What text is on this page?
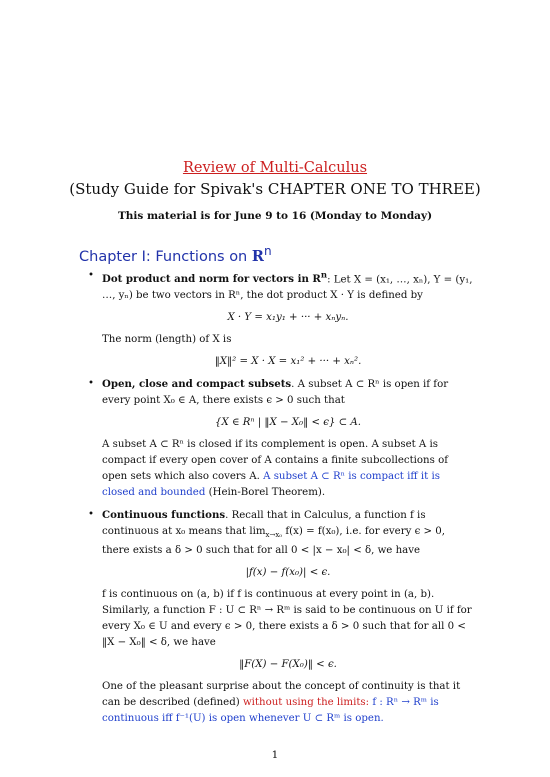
Review of Multi-Calculus
(Study Guide for Spivak's CHAPTER ONE TO THREE)
This material is for June 9 to 16 (Monday to Monday)
Chapter I: Functions on $R^n$
• Dot product and norm for vectors in $R^n$: Let X = (x₁, …, xₙ), Y = (y₁, …, yₙ) be two vectors in Rⁿ, the dot product X · Y is defined by

X · Y = x₁y₁ + ··· + xₙyₙ.

The norm (length) of X is

‖X‖² = X · X = x₁² + ··· + xₙ².
• Open, close and compact subsets. A subset A ⊂ Rⁿ is open if for every point X₀ ∈ A, there exists ϵ > 0 such that

{X ∈ Rⁿ | ‖X − X₀‖ < ϵ} ⊂ A.

A subset A ⊂ Rⁿ is closed if its complement is open. A subset A is compact if every open cover of A contains a finite subcollections of open sets which also covers A. A subset A ⊂ Rⁿ is compact iff it is closed and bounded (Hein-Borel Theorem).

• Continuous functions. Recall that in Calculus, a function f is continuous at x₀ means that $\lim_{x\to x_0} f(x) = f(x_0)$, i.e. for every ϵ > 0, there exists a δ > 0 such that for all 0 < |x − x₀| < δ, we have

|f(x) − f(x₀)| < ϵ.

f is continuous on (a, b) if f is continuous at every point in (a, b). Similarly, a function F : U ⊂ Rⁿ → Rᵐ is said to be continuous on U if for every X₀ ∈ U and every ϵ > 0, there exists a δ > 0 such that for all 0 < ‖X − X₀‖ < δ, we have

‖F(X) − F(X₀)‖ < ϵ.

One of the pleasant surprise about the concept of continuity is that it can be described (defined) without using the limits: f : Rⁿ → Rᵐ is continuous iff f⁻¹(U) is open whenever U ⊂ Rᵐ is open.

1
